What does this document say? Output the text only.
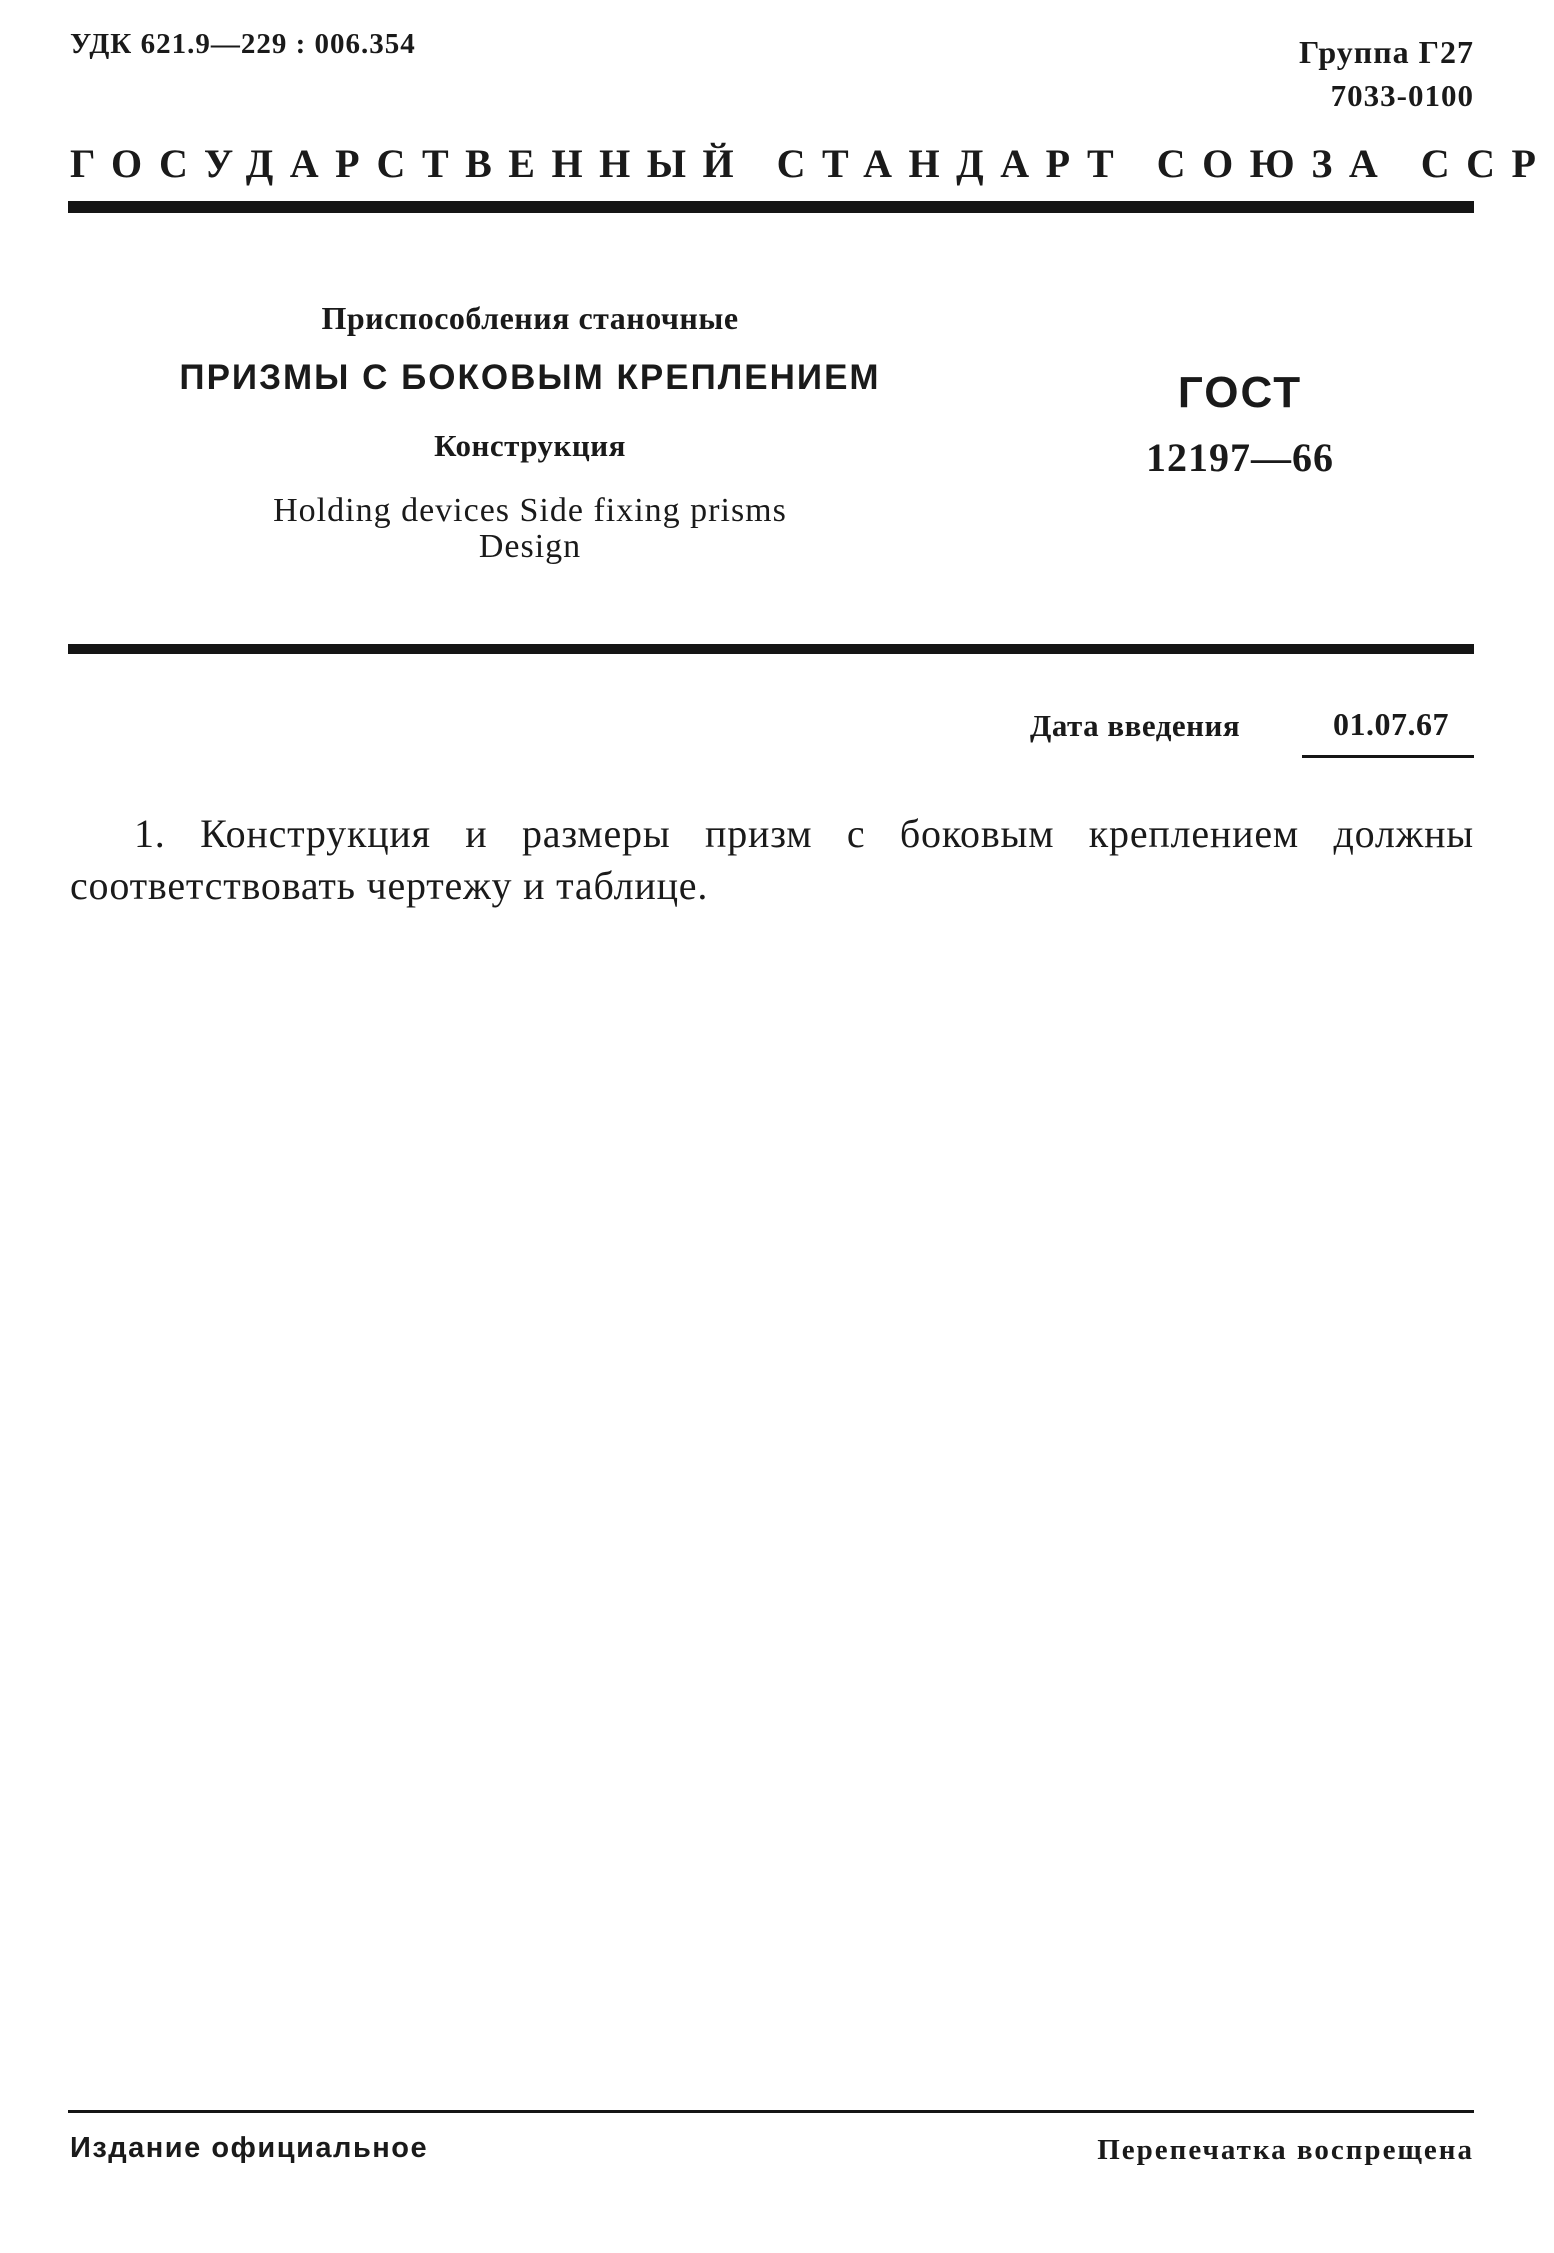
УДК 621.9—229 : 006.354	Группа Г27
7033-0100
ГОСУДАРСТВЕННЫЙ СТАНДАРТ СОЮЗА ССР
Приспособления станочные
ПРИЗМЫ С БОКОВЫМ КРЕПЛЕНИЕМ
Конструкция
Holding devices Side fixing prisms
Design
ГОСТ
12197—66
Дата введения	01.07.67
1. Конструкция и размеры призм с боковым креплением должны соответствовать чертежу и таблице.
Издание официальное	Перепечатка воспрещена
